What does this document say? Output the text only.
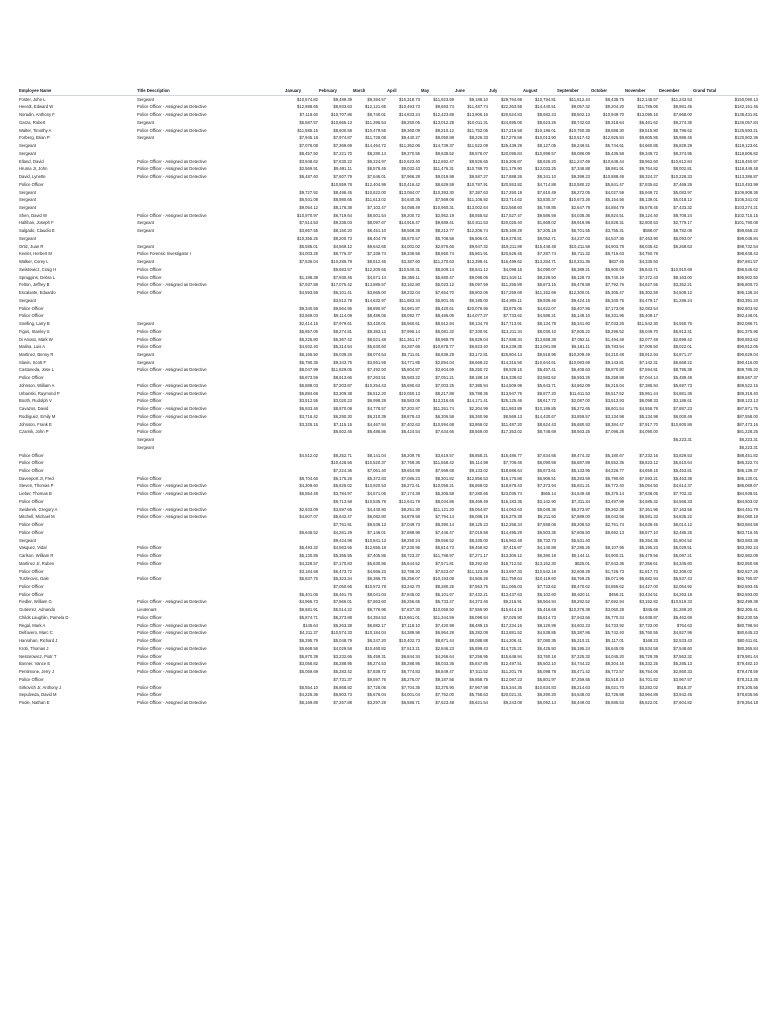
Employee Name	Title Description	January	February	March	April	May	June	July	August	September	October	November	December	Grand Total
Foster, John L	Sergeant	$10,574.82	$9,489.39	$9,394.57	$10,318.73	$11,923.69	$9,188.10	$29,764.69	$10,794.81	$11,812.44	$8,438.75	$12,145.57	$11,243.53	$150,090.13
Heerdt, Edward W	Police Officer - Assigned as Detective	$12,988.65	$8,933.63	$12,121.65	$10,493.73	$9,683.74	$11,487.74	$22,363.59	$14,440.51	$9,057.32	$9,204.20	$11,785.06	$9,981.45	$142,151.46
Noradin, Anthony F	Police Officer - Assigned as Detective	$7,118.60	$10,707.86	$8,740.01	$14,833.24	$12,423.89	$13,906.16	$20,624.83	$9,682.23	$8,502.13	$10,949.70	$13,095.16	$7,668.00	$138,431.81
Garza, Robert	Sergeant	$5,587.57	$10,665.13	$11,395.54	$8,250.05	$13,012.28	$10,011.31	$24,695.06	$9,623.26	$8,742.63	$8,318.64	$6,461.62	$9,274.35	$126,057.84
Walter, Timothy A	Police Officer - Assigned as Detective	$11,585.15	$8,600.58	$10,479.55	$9,360.09	$9,210.12	$11,752.05	$17,216.58	$10,196.01	$10,750.36	$8,688.30	$9,515.80	$8,796.62	$125,593.21
Forberg, Brian P	Sergeant	$7,945.18	$7,974.87	$11,728.08	$9,440.27	$9,050.88	$8,226.33	$17,276.59	$10,013.90	$10,517.42	$12,925.84	$9,805.85	$5,986.45	$120,902.36
Sergeant		$7,076.08	$7,369.69	$14,464.72	$11,352.06	$14,739.37	$11,522.09	$25,439.29	$8,127.05	$6,248.51	$5,744.61	$4,660.85	$6,829.29	$119,123.61
Sergeant		$8,457.50	$7,221.70	$8,280.14	$9,370.55	$9,638.52	$8,576.07	$20,095.84	$10,998.57	$9,086.09	$5,435.58	$9,349.72	$8,374.95	$118,806.82
Elland, David	Police Officer - Assigned as Detective	$3,948.62	$7,630.22	$9,224.97	$10,623.40	$12,692.47	$8,826.65	$16,206.87	$8,626.20	$11,247.69	$10,648.44	$8,962.60	$10,612.84	$118,450.97
Hruma Jr, John	Police Officer - Assigned as Detective	$2,569.91	$9,691.11	$6,578.45	$9,032.43	$11,476.31	$10,789.70	$21,179.90	$13,033.25	$7,348.88	$8,981.91	$9,764.82	$8,002.81	$118,449.48
David, Lynette	Police Officer - Assigned as Detective	$6,487.60	$7,607.79	$7,646.01	$7,966.28	$9,019.98	$9,587.27	$17,888.26	$8,341.10	$9,399.23	$10,888.49	$8,324.27	$10,228.33	$113,386.87
Police Officer			$10,859.78	$12,404.99	$10,416.42	$8,629.59	$10,787.91	$20,553.82	$4,714.88	$10,580.22	$5,841.47	$7,835.62	$7,469.29	$110,493.99
Sergeant		$9,727.92	$8,498.45	$10,622.00	$13,084.07	$10,393.30	$7,387.63	$17,250.19	$7,610.49	$6,272.05	$4,027.59	$5,949.72	$5,083.97	$106,908.36
Sergeant		$6,931.08	$8,980.65	$11,613.02	$4,640.35	$7,569.06	$11,106.92	$23,714.62	$3,830.37	$10,673.26	$5,154.56	$8,139.01	$5,018.12	$106,341.02
Sergeant		$9,054.12	$8,176.38	$7,102.47	$4,088.49	$10,960.31	$13,002.64	$22,568.60	$5,749.85	$2,647.78	$4,884.79	$6,578.45	$7,433.32	$103,274.21
Shen, David W	Police Officer - Assigned as Detective	$10,970.97	$6,719.64	$8,501.54	$9,200.72	$2,952.19	$8,555.52	$17,527.47	$9,586.59	$4,038.36	$6,824.51	$9,124.40	$8,708.24	$102,715.15
Hallihan, Joseph F	Sergeant	$7,514.53	$9,335.03	$8,097.67	$14,916.47	$9,689.41	$10,811.53	$20,025.40	$1,669.02	$9,919.98	$4,828.31	$2,800.53	$2,779.17	$101,790.08
Salgado, Claudio E	Sergeant	$3,867.55	$8,150.20	$6,451.10	$8,568.38	$8,212.77	$12,206.74	$25,169.29	$7,205.18	$6,701.55	$3,755.31	$588.07	$8,782.08	$99,658.22
Sergeant		$10,355.25	$9,200.73	$8,404.79	$8,670.57	$5,708.58	$6,806.01	$19,378.81	$9,052.71	$4,237.03	$4,537.36	$7,463.90	$5,093.07	$99,048.84
Ortiz, Juan R	Sergeant	$5,585.01	$4,569.12	$9,642.65	$4,002.02	$2,876.66	$9,947.32	$19,211.89	$16,448.48	$10,211.58	$4,903.78	$6,035.42	$5,268.63	$98,732.54
Keeler, Herbert M	Police Forensic Investigator I	$4,003.26	$8,776.37	$7,338.74	$9,338.56	$8,560.74	$5,861.91	$20,626.45	$7,287.74	$6,711.32	$5,716.63	$4,750.78		$98,648.43
Walker, Corey L	Sergeant	$7,536.04	$10,286.79	$8,512.46	$3,387.60	$11,270.63	$13,399.41	$16,499.62	$13,284.71	$10,331.36	$837.45	$4,335.50		$97,681.57
Swistowicz, Craig H	Police Officer		$9,683.57	$12,200.65	$10,540.31	$8,509.14	$9,841.12	$4,098.16	$4,090.07	$6,389.21	$5,600.00	$6,643.71	$10,910.68	$96,546.62
Spraggins, Debra L	Police Officer	$1,188.38	$7,930.46	$4,571.14	$6,359.11	$5,680.47	$9,098.06	$21,519.11	$8,228.50	$6,128.73	$9,740.19	$7,372.43	$8,163.00	$95,902.50
Felton, Jeffrey B	Police Officer - Assigned as Detective	$7,937.88	$17,075.42	$13,885.57	$3,162.80	$5,023.12	$6,097.59	$11,255.89	$6,873.15	$6,478.88	$7,792.76	$4,627.55	$3,352.21	$95,800.72
Escalante, Eduardo	Police Officer	$4,593.56	$6,101.41	$3,665.00	$8,232.04	$7,654.70	$8,802.06	$17,259.69	$11,152.69	$12,300.01	$5,305.47	$5,302.59	$4,508.12	$95,138.34
Sergeant			$3,512.78	$14,632.97	$11,883.34	$5,901.45	$6,185.00	$14,805.11	$9,939.46	$9,424.15	$5,340.76	$4,479.17	$1,286.24	$93,391.23
Police Officer		$9,340.56	$9,864.95	$8,890.97	$4,981.87	$8,420.61	$20,076.96	$3,875.05	$4,622.07	$5,407.86	$7,173.08	$2,083.54		$92,803.92
Police Officer		$3,569.03	$9,114.09	$8,486.06	$8,092.77	$8,486.06	$14,077.27	$7,733.62	$4,588.21	$5,148.10	$6,331.95	$5,408.17		$92,448.01
Snelling, Larry B	Sergeant	$2,414.15	$7,979.61	$3,420.01	$6,560.61	$8,912.94	$8,134.78	$17,713.91	$8,134.78	$5,341.60	$7,033.26	$11,542.30	$4,550.76	$92,086.71
Figus, Stanley S	Police Officer	$5,857.06	$8,274.81	$9,383.13	$7,995.14	$6,081.32	$7,330.91	$13,211.34	$8,030.10	$7,505.22	$5,296.52	$5,049.70	$5,913.31	$91,375.96
Di Amato, Mark W	Police Officer	$6,225.80	$6,367.42	$8,521.48	$11,351.17	$6,968.79	$6,829.04	$17,588.34	$13,658.38	$7,052.11	$1,494.48	$2,077.48	$2,699.42	$90,853.62
Malina, Luis A	Police Officer	$4,932.40	$5,314.54	$5,630.60	$4,287.66	$10,878.77	$6,823.40	$19,239.35	$13,081.89	$6,181.11	$5,783.54	$7,008.50	$8,022.01	$90,812.05
Martinez, Benny R	Sergeant	$6,155.50	$6,039.26	$8,074.54	$6,711.61	$6,839.29	$3,172.81	$25,804.14	$9,518.96	$10,209.49	$4,210.48	$8,912.94	$4,871.27	$90,629.04
Slavin, Scott F	Sergeant	$5,780.35	$9,343.75	$3,551.59	$4,771.85	$2,894.04	$6,668.22	$14,315.56	$10,644.61	$10,083.69	$9,143.81	$7,142.31	$6,668.22	$90,416.00
Castaneda, Jose L	Police Officer - Assigned as Detective	$8,047.99	$11,829.05	$7,492.50	$5,804.87	$3,604.69	$5,250.72	$9,928.15	$6,457.41	$6,408.63	$8,870.80	$7,594.81	$8,795.38	$89,785.20
Police Officer		$5,873.59	$8,613.66	$7,263.51	$5,583.22	$7,051.21	$8,188.18	$16,338.62	$3,583.52	$6,593.26	$5,259.88	$7,044.14	$5,489.49	$89,587.37
Johnson, William A	Police Officer - Assigned as Detective	$5,888.03	$7,203.87	$10,254.43	$5,690.63	$7,003.25	$7,385.94	$14,509.99	$5,643.71	$4,862.09	$6,215.04	$7,385.94	$5,687.73	$89,522.15
Urbanski, Raymond P	Police Officer - Assigned as Detective	$5,884.68	$3,309.38	$6,512.20	$10,050.13	$8,217.88	$6,788.35	$13,947.75	$8,877.20	$11,611.53	$6,517.52	$5,951.44	$4,881.36	$89,318.40
Booth, Rudolph V	Police Officer	$3,512.55	$3,020.23	$6,998.28	$6,583.06	$13,216.65	$14,171.41	$25,125.46	$8,617.72	$2,087.00	$3,513.93	$6,098.33	$3,186.61	$88,123.13
Cavazos, David	Police Officer - Assigned as Detective	$6,933.46	$8,870.08	$4,778.57	$7,202.87	$11,351.74	$2,304.99	$11,863.89	$10,186.85	$6,272.65	$6,601.54	$4,558.78	$7,887.23	$87,871.75
Rodriguez, Emily M	Police Officer - Assigned as Detective	$3,716.42	$6,290.30	$6,210.39	$8,878.43	$6,306.58	$6,260.96	$8,569.13	$14,430.67	$3,859.57	$3,134.98	$5,134.98	$6,000.49	$87,558.00
Johnson, Frank E	Police Officer	$3,325.15	$7,115.15	$4,467.94	$7,402.63	$10,594.68	$3,869.02	$11,487.20	$8,624.43	$6,680.93	$6,384.47	$7,917.70	$10,600.86	$87,473.16
Czarnik, John P	Police Officer		$6,502.45	$6,486.86	$6,424.54	$7,634.66	$8,569.00	$17,353.02	$8,748.69	$8,563.25	$7,096.26	$4,090.00		$81,228.25
	Sergeant												$6,223.31	$6,223.31
	Sergeant													$6,223.31
Police Officer		$4,512.02	$8,252.71	$8,141.04	$8,209.76	$3,619.57	$6,858.21	$18,486.77	$7,634.66	$9,474.32	$5,180.67	$7,232.16	$3,829.53	$88,451.82
Police Officer			$10,428.56	$10,520.37	$7,769.36	$11,558.42	$5,114.98	$7,706.46	$6,090.59	$6,887.89	$6,552.35	$8,623.12	$5,610.64	$86,322.74
Police Officer			$7,224.36	$7,061.40	$9,654.98	$7,969.68	$9,133.02	$18,686.64	$6,673.61	$5,133.95	$4,226.77	$4,659.15	$5,453.81	$86,139.37
Davenport Jr, Fred	Police Officer	$8,704.66	$6,175.26	$5,372.83	$7,086.23	$8,301.82	$12,856.53	$15,175.86	$6,906.51	$5,283.59	$6,790.60	$7,593.21	$5,453.38	$86,130.01
Steven, Thomas P	Police Officer - Assigned as Detective	$4,309.60	$5,825.02	$10,920.53	$6,272.41	$10,058.21	$6,868.02	$18,678.43	$7,373.94	$5,831.21	$6,772.40	$5,054.50	$4,614.37	$86,089.67
Lieber, Thomas B	Police Officer - Assigned as Detective	$6,554.48	$3,784.97	$4,571.06	$7,174.39	$5,305.58	$7,280.66	$23,035.74	$565.14	$4,549.48	$6,375.14	$7,638.05	$7,702.32	$84,938.51
Police Officer			$6,713.58	$10,535.78	$12,641.78	$8,034.86	$9,469.49	$15,183.35	$3,142.90	$7,311.34	$3,497.99	$4,585.32	$4,566.33	$84,503.02
Swiderek, Gregory A	Police Officer - Assigned as Detective	$2,933.09	$3,597.65	$4,440.80	$8,251.30	$11,121.20	$5,054.87	$14,053.63	$9,048.35	$6,273.97	$9,262.38	$7,361.96	$7,163.55	$84,451.79
Mitchell, Michael M	Police Officer - Assigned as Detective	$4,607.07	$5,642.47	$6,082.80	$4,879.58	$7,794.14	$6,088.19	$15,379.38	$6,211.50	$7,889.00	$8,042.56	$6,581.33	$4,835.22	$84,080.18
Police Officer			$7,761.91	$9,538.13	$7,049.73	$8,390.14	$8,125.23	$12,258.34	$7,558.06	$8,208.53	$2,761.74	$4,638.45	$6,014.12	$83,884.58
Police Officer		$6,646.52	$4,261.29	$7,146.01	$7,888.96	$7,446.47	$7,019.58	$14,495.29	$6,503.35	$7,606.50	$5,692.13	$6,577.10	$2,485.25	$83,716.45
Sergeant			$9,424.98	$10,841.13	$8,250.24	$9,556.52	$8,335.00	$16,962.48	$6,732.73	$5,531.40		$5,264.35	$1,804.52	$83,583.38
Vasquez, Vidal	Police Officer	$5,493.32	$4,563.55	$12,655.18	$7,230.95	$6,814.73	$9,458.82	$7,416.87	$4,140.88	$7,285.25	$8,107.95	$5,195.23	$5,029.51	$83,392.24
Carlson, William R	Police Officer	$5,130.85	$5,355.55	$7,405.86	$6,723.37	$11,788.97	$7,271.17	$13,306.12	$6,390.19	$5,144.11	$4,900.21	$5,479.56	$5,087.21	$82,982.09
Martinez Jr, Ruben	Police Officer	$4,328.57	$7,170.83	$5,630.86	$5,644.52	$7,571.81	$5,292.60	$15,712.52	$13,152.30	$625.01	$7,643.36	$7,356.61	$4,345.60	$82,850.68
Police Officer		$3,184.68	$6,473.72	$4,866.23	$2,768.20	$7,523.67	$11,123.49	$13,697.33	$10,542.19	$2,608.28	$1,726.73	$1,817.73	$2,306.02	$82,827.25
Turzinovic, Dale	Police Officer	$5,837.76	$5,323.34	$6,386.75	$6,256.07	$10,193.08	$4,566.26	$11,759.64	$10,119.60	$6,769.25	$6,071.95	$5,682.94	$5,537.43	$82,760.87
Police Officer			$7,050.66	$10,572.78	$3,242.70	$8,280.26	$7,553.75	$11,065.03	$7,733.62	$8,470.62	$4,858.62	$4,427.00	$2,054.92	$82,593.45
Police Officer		$5,401.06	$6,461.76	$8,041.04	$7,845.02	$5,101.67	$7,432.21	$13,437.63	$6,102.60	$8,620.11	$458.21	$3,434.51	$4,263.18	$82,593.00
Fiedler, William G	Police Officer - Assigned as Detective	$4,966.73	$7,866.01	$7,863.60	$6,256.65	$5,733.47	$4,373.46	$9,216.91	$6,564.94	$9,292.52	$7,692.94	$3,152.82	$10,519.33	$82,499.38
Gutierrez, Adnando	Lieutenant	$6,681.91	$5,514.22	$8,776.96	$7,837.30	$10,058.50	$7,559.90	$15,614.19	$5,416.68	$10,376.38	$3,060.28	$345.69	$1,269.20	$82,305.41
Childs Laughlin, Pamela D	Police Officer	$5,874.71	$6,273.88	$4,354.53	$10,661.01	$11,344.59	$6,098.94	$7,026.90	$6,614.73	$7,943.56	$5,770.34	$4,938.87	$5,462.69	$82,230.55
Regal, Mark A	Police Officer - Assigned as Detective	$145.64	$6,263.38	$6,882.17	$7,118.10	$7,420.98	$8,489.15	$17,234.15	$8,120.99	$4,602.23	$4,733.92	$7,733.00	$764.63	$80,798.94
Delfavero, Marc C	Police Officer - Assigned as Detective	$4,211.37	$10,574.33	$10,184.04	$4,389.96	$6,964.28	$5,282.08	$13,881.52	$4,538.85	$5,387.86	$5,742.40	$5,760.55	$4,927.99	$80,645.23
Hanrahan, Richard J	Police Officer	$6,295.79	$5,048.79	$6,247.20	$10,402.73	$8,871.44	$8,088.88	$14,206.41	$7,080.35	$5,310.21	$5,117.01	$168.23	$2,533.43	$80,611.61
Krob, Thomas J	Police Officer - Assigned as Detective	$5,668.56	$4,029.58	$10,460.82	$7,513.21	$2,846.23	$5,899.43	$14,725.21	$6,425.50	$6,195.24	$6,645.05	$5,534.58	$7,548.60	$80,365.84
Nestorowicz, Piotr T	Police Officer	$5,870.39	$3,232.66	$5,459.31	$6,844.34	$4,266.64	$7,256.95	$15,648.94	$3,760.18	$7,325.32	$4,045.20	$6,728.39	$7,563.32	$79,981.44
Bonner, Vance E	Police Officer - Assigned as Detective	$3,056.82	$6,288.95	$6,274.53	$6,288.95	$6,033.35	$5,847.85	$12,497.51	$6,502.10	$4,744.22	$8,304.16	$6,332.25	$5,285.13	$79,482.10
Pentimone, Jerry J	Police Officer - Assigned as Detective	$5,059.69	$5,283.42	$7,839.72	$6,774.83	$8,849.47	$7,511.52	$11,201.78	$5,098.78	$5,471.42	$6,772.57	$6,754.06	$2,860.33	$79,478.59
Police Officer			$7,731.37	$9,597.76	$8,276.07	$9,187.56	$6,858.76	$12,087.23	$5,801.97	$7,259.55	$3,518.10	$4,701.82	$3,967.57	$78,313.35
Sirkovich Jr, Anthony J	Police Officer	$5,554.10	$6,868.82	$7,728.06	$7,704.35	$3,375.90	$7,967.98	$16,344.35	$10,634.83	$6,214.63	$6,021.70	$3,282.02	$518.37	$78,105.56
Sepulveda, David M	Police Officer	$4,225.36	$6,803.73	$5,676.04	$4,001.04	$7,752.00	$5,758.63	$20,021.31	$6,290.20	$4,548.03	$3,726.88	$3,964.89	$3,942.45	$78,835.56
Poole, Nathan E	Police Officer - Assigned as Detective	$6,169.89	$7,257.88	$3,297.29	$6,586.71	$7,523.48	$5,621.54	$9,243.08	$6,092.14	$6,449.03	$6,685.53	$5,622.01	$7,604.82	$78,354.18
